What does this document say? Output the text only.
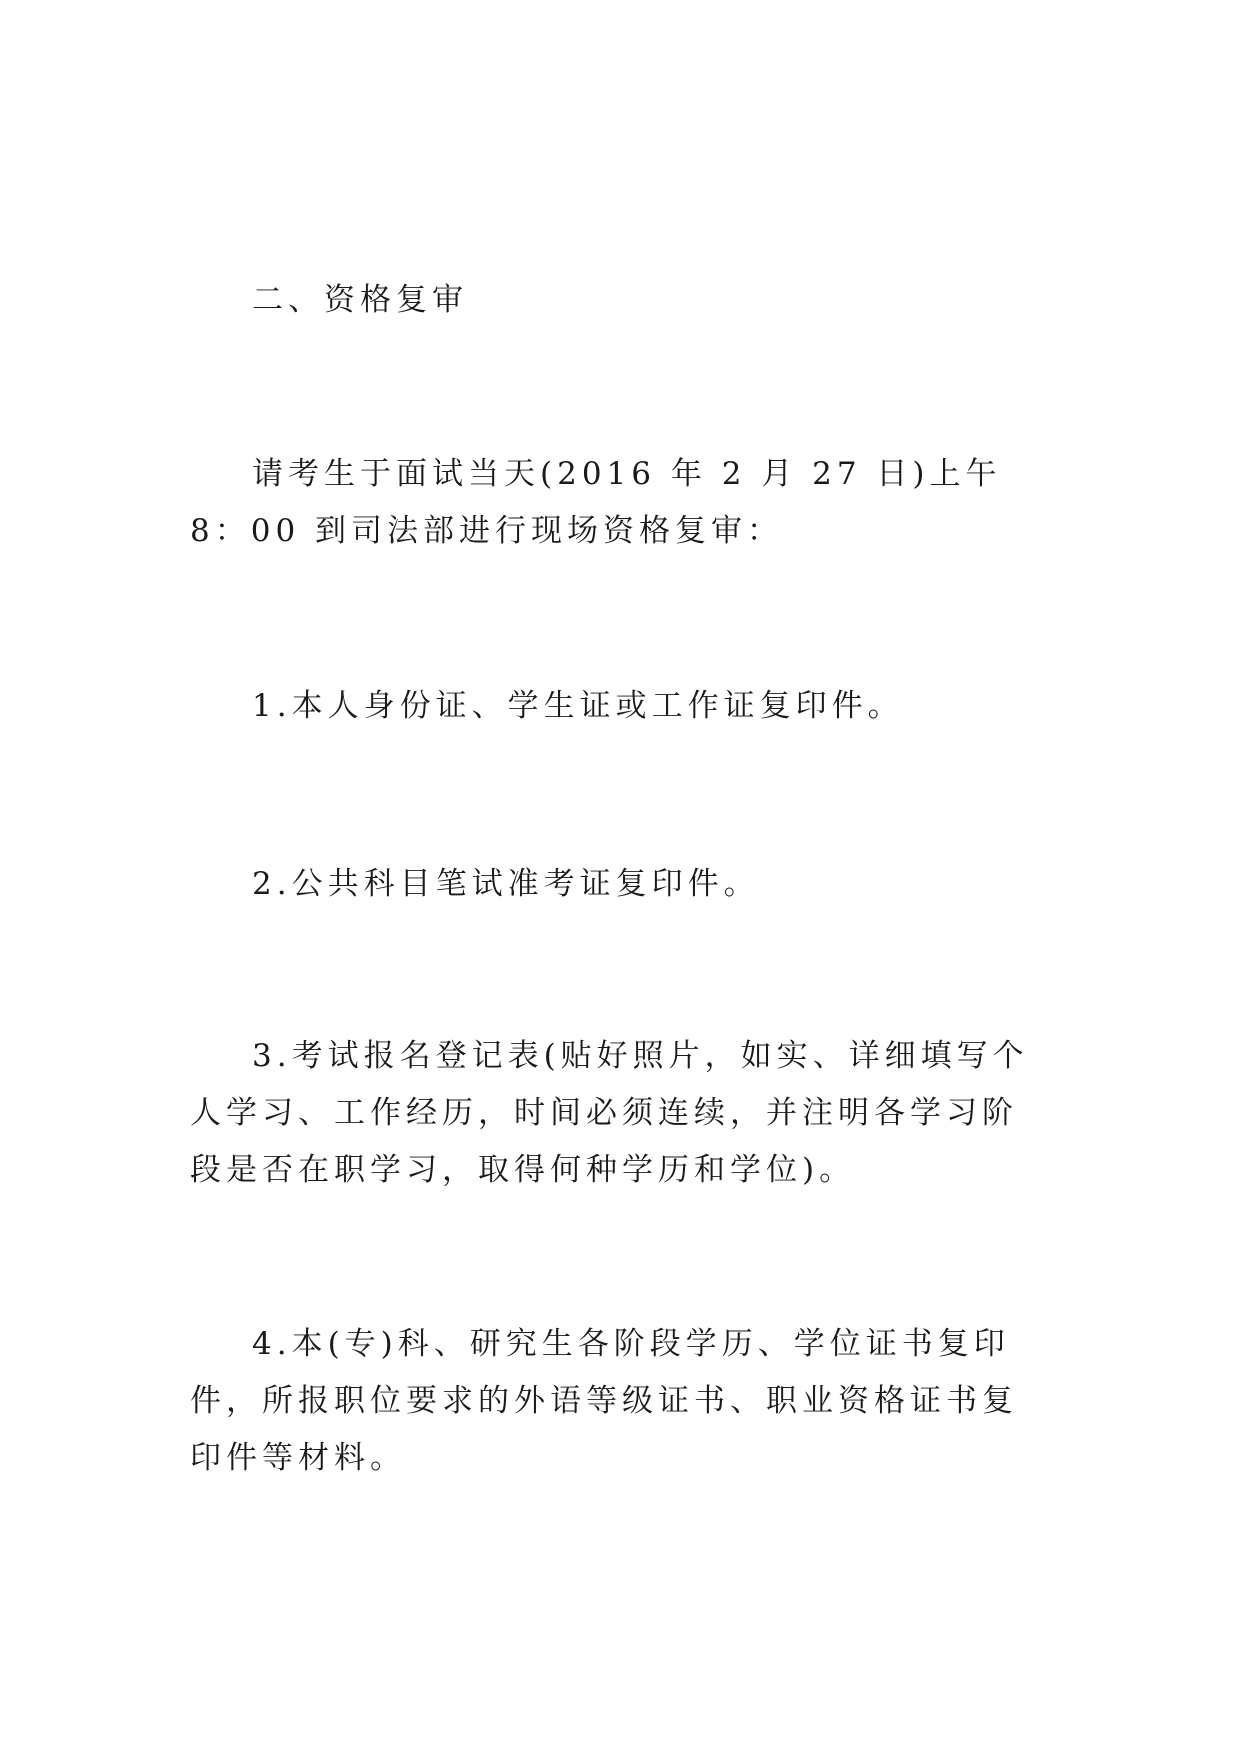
二、资格复审

请考生于面试当天(2016 年 2 月 27 日)上午 8：00 到司法部进行现场资格复审：

1.本人身份证、学生证或工作证复印件。

2.公共科目笔试准考证复印件。

3.考试报名登记表(贴好照片，如实、详细填写个人学习、工作经历，时间必须连续，并注明各学习阶段是否在职学习，取得何种学历和学位)。

4.本(专)科、研究生各阶段学历、学位证书复印件，所报职位要求的外语等级证书、职业资格证书复印件等材料。
